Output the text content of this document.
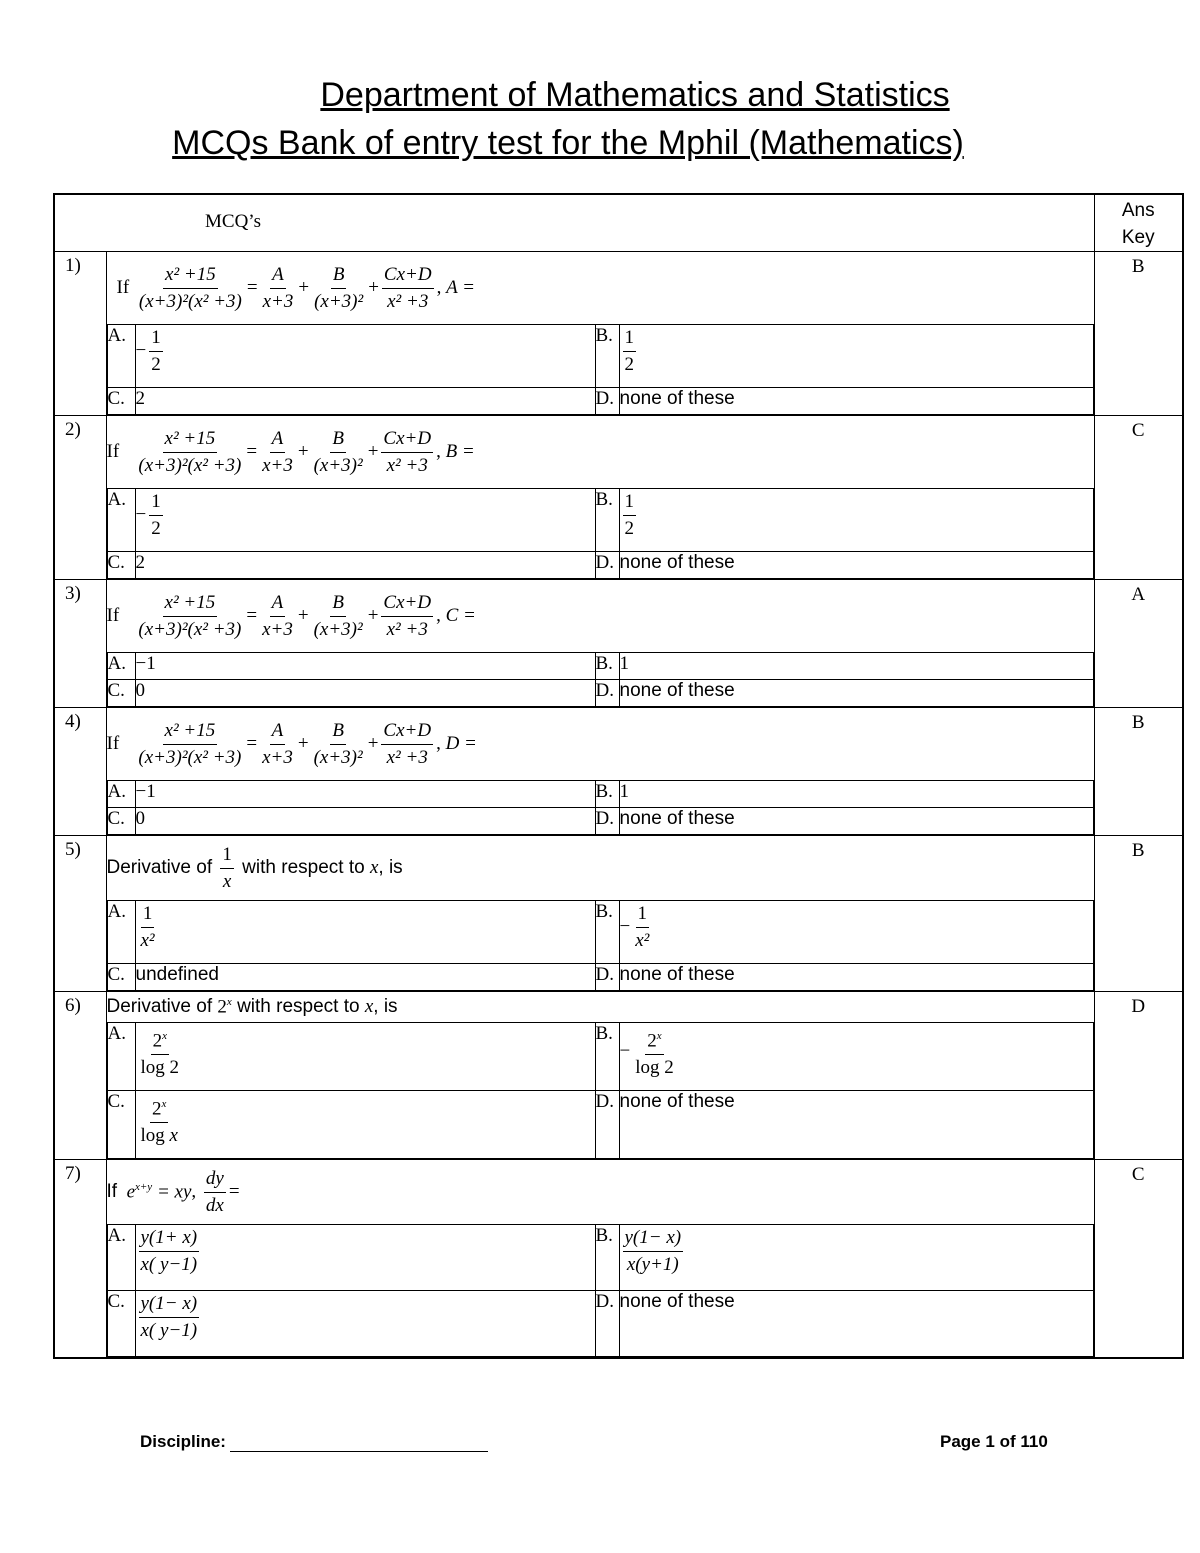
Department of Mathematics and Statistics
MCQs Bank of entry test for the Mphil (Mathematics)
MCQ’s	Ans
Key
1)	
If
$\frac{\text{x² +15}}{\text{(x+3)²(x² +3)}} = \frac{A}{x+3} + \frac{B}{\text{(x+3)²}} + \frac{Cx+D}{\text{x² +3}}$ , A =
A.	− $\frac{1}{2}$	B.	$\frac{1}{2}$

C.	2	D.	none of these
	B
2)	
If
$\frac{\text{x² +15}}{\text{(x+3)²(x² +3)}} = \frac{A}{x+3} + \frac{B}{\text{(x+3)²}} + \frac{Cx+D}{\text{x² +3}}$ , B =
A.	− $\frac{1}{2}$	B.	$\frac{1}{2}$

C.	2	D.	none of these
	C
3)	
If
$\frac{\text{x² +15}}{\text{(x+3)²(x² +3)}} = \frac{A}{x+3} + \frac{B}{\text{(x+3)²}} + \frac{Cx+D}{\text{x² +3}}$ , C =
A.	−1	B.	1
C.	0	D.	none of these
	A
4)	
If
$\frac{\text{x² +15}}{\text{(x+3)²(x² +3)}} = \frac{A}{x+3} + \frac{B}{\text{(x+3)²}} + \frac{Cx+D}{\text{x² +3}}$ , D =
A.	−1	B.	1
C.	0	D.	none of these
	B
5)	
Derivative of
$\frac{1}{x}$
with respect to
x , is
A.	$\frac{1}{\text{x²}}$	B.	− $\frac{1}{\text{x²}}$

C.	undefined	D.	none of these
	B
6)	Derivative of
2$^x$
with respect to
x , is
A.	$\frac{2^x}{\log 2}$	B.	− $\frac{2^x}{\log 2}$

C.	$\frac{2^x}{\text{log x}}$	D.	none of these
	D
7)	
If
$e^{x+y}$ = xy , $\frac{dy}{dx}$ =
A.	$\frac{y(1+ x)}{x( y-1)}$	B.	$\frac{y(1- x)}{x(y+1)}$

C.	$\frac{y(1- x)}{x( y-1)}$	D.	none of these
	C
Discipline:	Page 1 of 110
